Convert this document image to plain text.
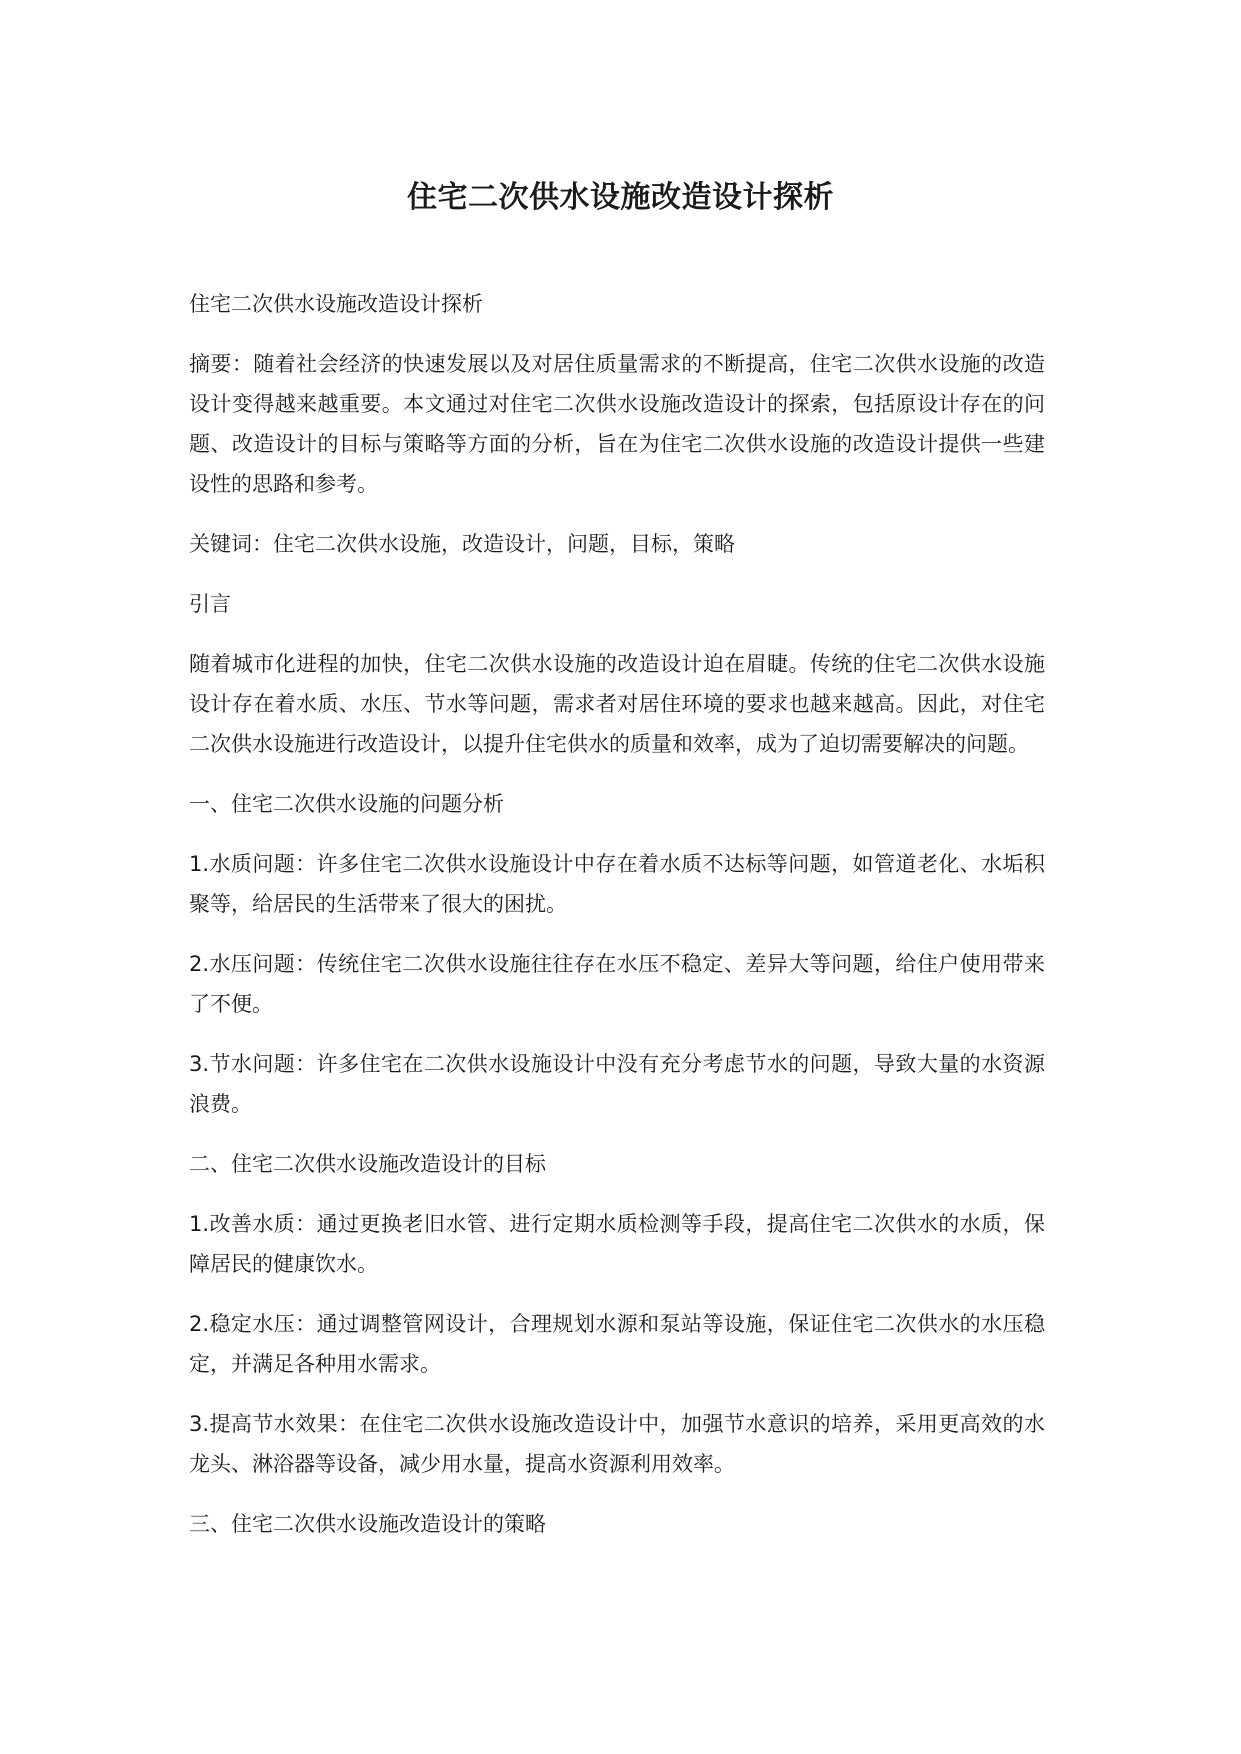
住宅二次供水设施改造设计探析

住宅二次供水设施改造设计探析

摘要：随着社会经济的快速发展以及对居住质量需求的不断提高，住宅二次供水设施的改造设计变得越来越重要。本文通过对住宅二次供水设施改造设计的探索，包括原设计存在的问题、改造设计的目标与策略等方面的分析，旨在为住宅二次供水设施的改造设计提供一些建设性的思路和参考。

关键词：住宅二次供水设施，改造设计，问题，目标，策略

引言

随着城市化进程的加快，住宅二次供水设施的改造设计迫在眉睫。传统的住宅二次供水设施设计存在着水质、水压、节水等问题，需求者对居住环境的要求也越来越高。因此，对住宅二次供水设施进行改造设计，以提升住宅供水的质量和效率，成为了迫切需要解决的问题。

一、住宅二次供水设施的问题分析

1.水质问题：许多住宅二次供水设施设计中存在着水质不达标等问题，如管道老化、水垢积聚等，给居民的生活带来了很大的困扰。

2.水压问题：传统住宅二次供水设施往往存在水压不稳定、差异大等问题，给住户使用带来了不便。

3.节水问题：许多住宅在二次供水设施设计中没有充分考虑节水的问题，导致大量的水资源浪费。

二、住宅二次供水设施改造设计的目标

1.改善水质：通过更换老旧水管、进行定期水质检测等手段，提高住宅二次供水的水质，保障居民的健康饮水。

2.稳定水压：通过调整管网设计，合理规划水源和泵站等设施，保证住宅二次供水的水压稳定，并满足各种用水需求。

3.提高节水效果：在住宅二次供水设施改造设计中，加强节水意识的培养，采用更高效的水龙头、淋浴器等设备，减少用水量，提高水资源利用效率。

三、住宅二次供水设施改造设计的策略
